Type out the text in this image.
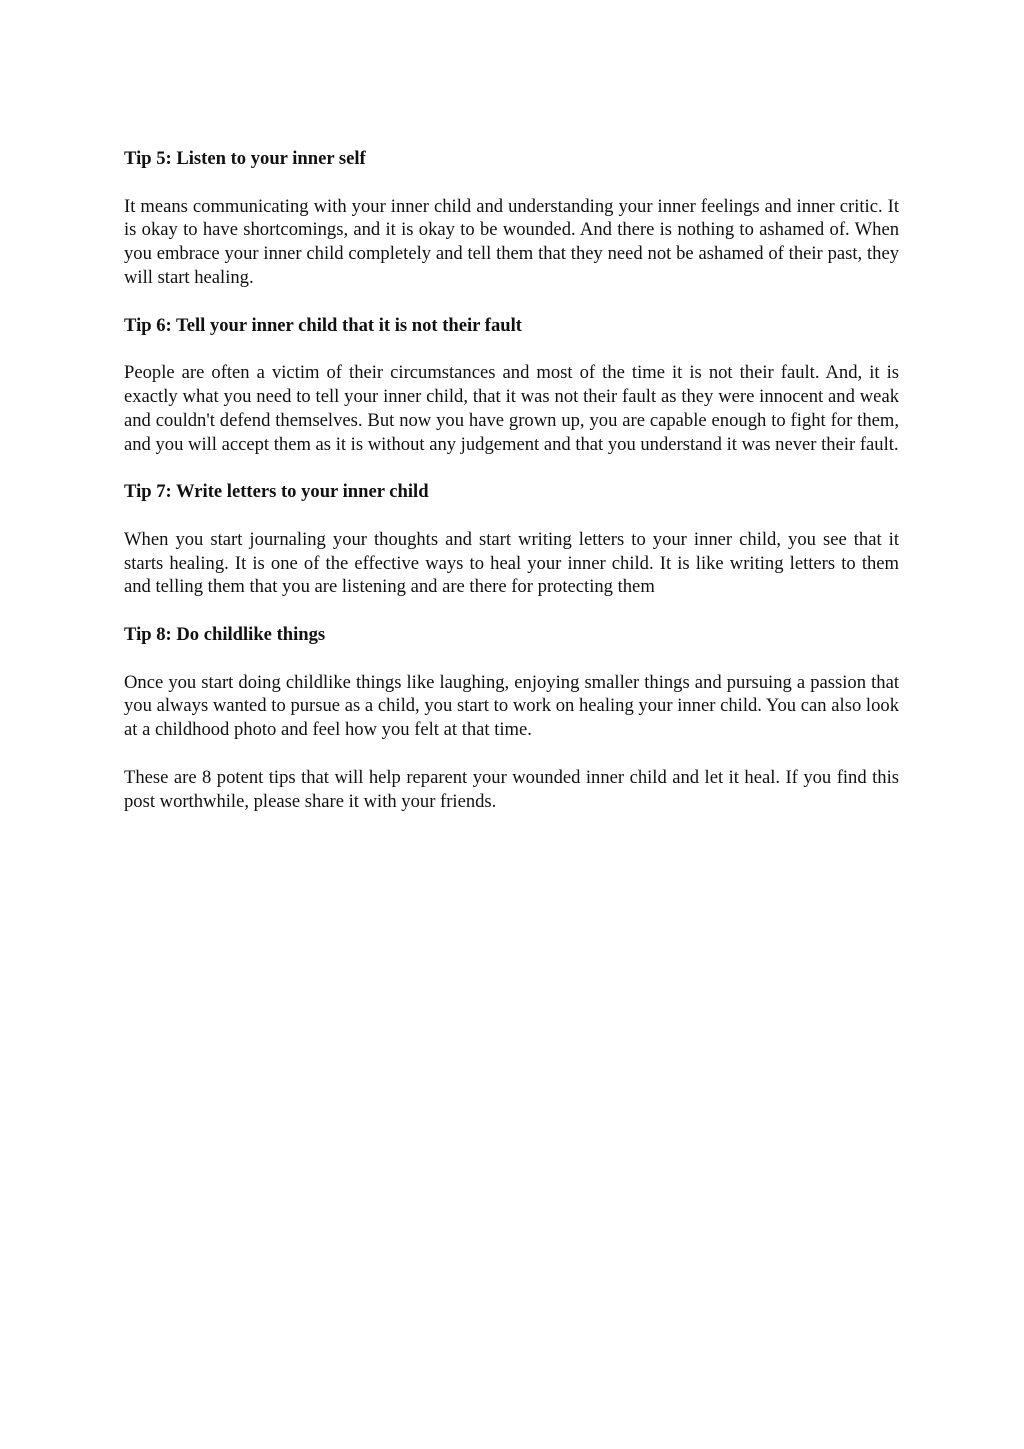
Tip 5: Listen to your inner self

It means communicating with your inner child and understanding your inner feelings and inner critic. It is okay to have shortcomings, and it is okay to be wounded. And there is nothing to ashamed of. When you embrace your inner child completely and tell them that they need not be ashamed of their past, they will start healing.

Tip 6: Tell your inner child that it is not their fault

People are often a victim of their circumstances and most of the time it is not their fault. And, it is exactly what you need to tell your inner child, that it was not their fault as they were innocent and weak and couldn't defend themselves. But now you have grown up, you are capable enough to fight for them, and you will accept them as it is without any judgement and that you understand it was never their fault.

Tip 7: Write letters to your inner child

When you start journaling your thoughts and start writing letters to your inner child, you see that it starts healing. It is one of the effective ways to heal your inner child. It is like writing letters to them and telling them that you are listening and are there for protecting them

Tip 8: Do childlike things

Once you start doing childlike things like laughing, enjoying smaller things and pursuing a passion that you always wanted to pursue as a child, you start to work on healing your inner child. You can also look at a childhood photo and feel how you felt at that time.

These are 8 potent tips that will help reparent your wounded inner child and let it heal. If you find this post worthwhile, please share it with your friends.
